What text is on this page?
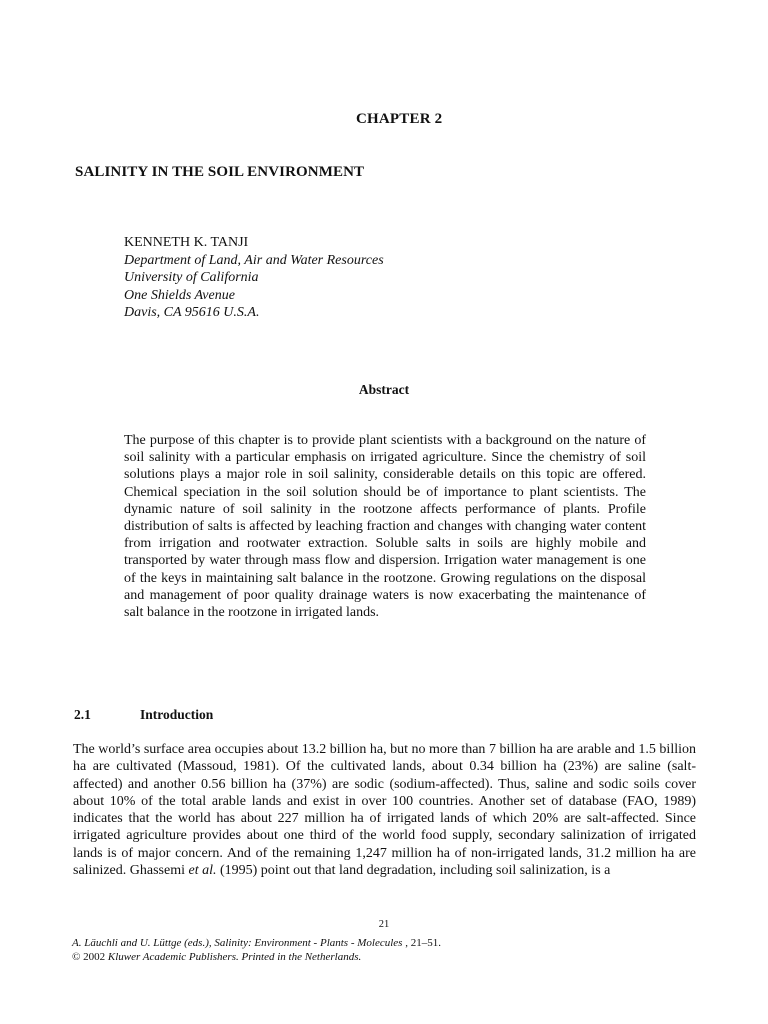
CHAPTER 2
SALINITY IN THE SOIL ENVIRONMENT
KENNETH K. TANJI
Department of Land, Air and Water Resources
University of California
One Shields Avenue
Davis, CA 95616 U.S.A.
Abstract

The purpose of this chapter is to provide plant scientists with a background on the nature of soil salinity with a particular emphasis on irrigated agriculture. Since the chemistry of soil solutions plays a major role in soil salinity, considerable details on this topic are offered. Chemical speciation in the soil solution should be of importance to plant scientists. The dynamic nature of soil salinity in the rootzone affects performance of plants. Profile distribution of salts is affected by leaching fraction and changes with changing water content from irrigation and rootwater extraction. Soluble salts in soils are highly mobile and transported by water through mass flow and dispersion. Irrigation water management is one of the keys in maintaining salt balance in the rootzone. Growing regulations on the disposal and management of poor quality drainage waters is now exacerbating the maintenance of salt balance in the rootzone in irrigated lands.

2.1	Introduction

The world’s surface area occupies about 13.2 billion ha, but no more than 7 billion ha are arable and 1.5 billion ha are cultivated (Massoud, 1981). Of the cultivated lands, about 0.34 billion ha (23%) are saline (salt-affected) and another 0.56 billion ha (37%) are sodic (sodium-affected). Thus, saline and sodic soils cover about 10% of the total arable lands and exist in over 100 countries. Another set of database (FAO, 1989) indicates that the world has about 227 million ha of irrigated lands of which 20% are salt-affected. Since irrigated agriculture provides about one third of the world food supply, secondary salinization of irrigated lands is of major concern. And of the remaining 1,247 million ha of non-irrigated lands, 31.2 million ha are salinized. Ghassemi et al. (1995) point out that land degradation, including soil salinization, is a

21
A. Läuchli and U. Lüttge (eds.), Salinity: Environment - Plants - Molecules , 21–51.
© 2002 Kluwer Academic Publishers. Printed in the Netherlands.
